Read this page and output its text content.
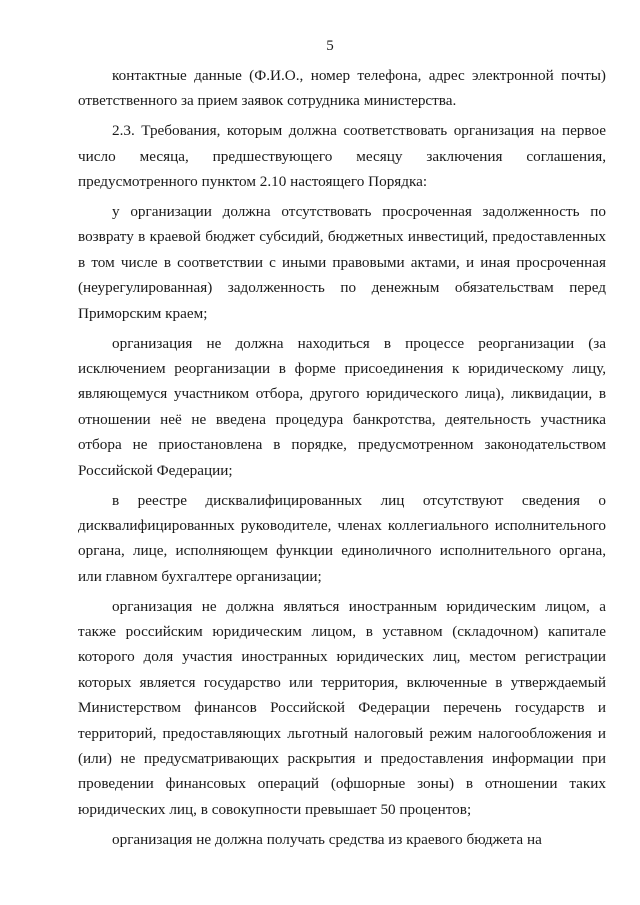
5

контактные данные (Ф.И.О., номер телефона, адрес электронной почты) ответственного за прием заявок сотрудника министерства.

2.3. Требования, которым должна соответствовать организация на первое число месяца, предшествующего месяцу заключения соглашения, предусмотренного пунктом 2.10 настоящего Порядка:

у организации должна отсутствовать просроченная задолженность по возврату в краевой бюджет субсидий, бюджетных инвестиций, предоставленных в том числе в соответствии с иными правовыми актами, и иная просроченная (неурегулированная) задолженность по денежным обязательствам перед Приморским краем;

организация не должна находиться в процессе реорганизации (за исключением реорганизации в форме присоединения к юридическому лицу, являющемуся участником отбора, другого юридического лица), ликвидации, в отношении неё не введена процедура банкротства, деятельность участника отбора не приостановлена в порядке, предусмотренном законодательством Российской Федерации;

в реестре дисквалифицированных лиц отсутствуют сведения о дисквалифицированных руководителе, членах коллегиального исполнительного органа, лице, исполняющем функции единоличного исполнительного органа, или главном бухгалтере организации;

организация не должна являться иностранным юридическим лицом, а также российским юридическим лицом, в уставном (складочном) капитале которого доля участия иностранных юридических лиц, местом регистрации которых является государство или территория, включенные в утверждаемый Министерством финансов Российской Федерации перечень государств и территорий, предоставляющих льготный налоговый режим налогообложения и (или) не предусматривающих раскрытия и предоставления информации при проведении финансовых операций (офшорные зоны) в отношении таких юридических лиц, в совокупности превышает 50 процентов;

организация не должна получать средства из краевого бюджета на
